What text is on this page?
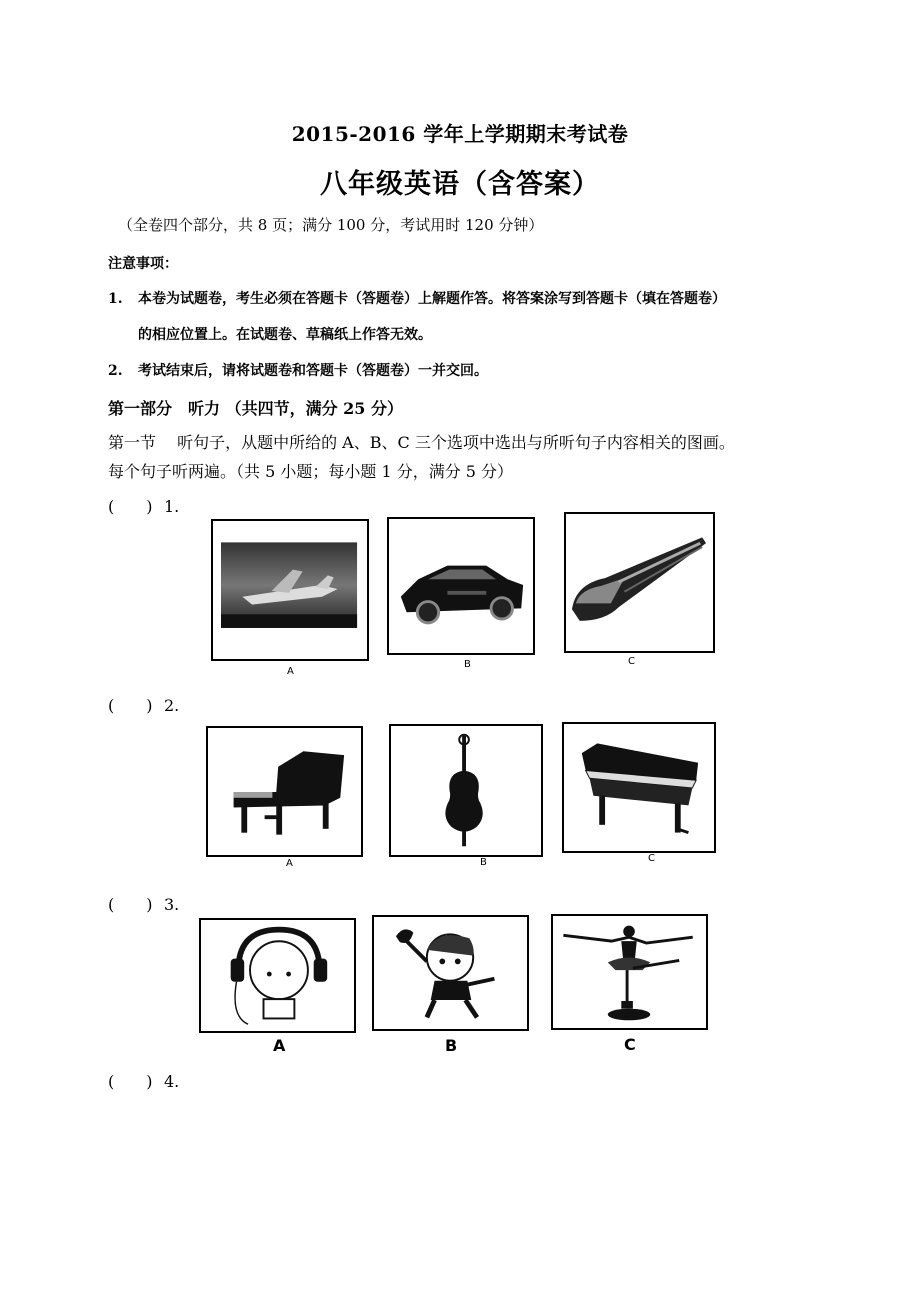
2015-2016 学年上学期期末考试卷
八年级英语（含答案）
（全卷四个部分，共 8 页；满分 100 分，考试用时 120 分钟）
注意事项：
1. 本卷为试题卷，考生必须在答题卡（答题卷）上解题作答。将答案涂写到答题卡（填在答题卷）
的相应位置上。在试题卷、草稿纸上作答无效。
2. 考试结束后，请将试题卷和答题卡（答题卷）一并交回。
第一部分　听力 （共四节，满分 25 分）
第一节　 听句子，从题中所给的 A、B、C 三个选项中选出与所听句子内容相关的图画。
每个句子听两遍。（共 5 小题；每小题 1 分，满分 5 分）
(　　) 1.
A
B	C
(　　) 2.
A	B	C
(　　) 3.
A	B	C
(　　) 4.
